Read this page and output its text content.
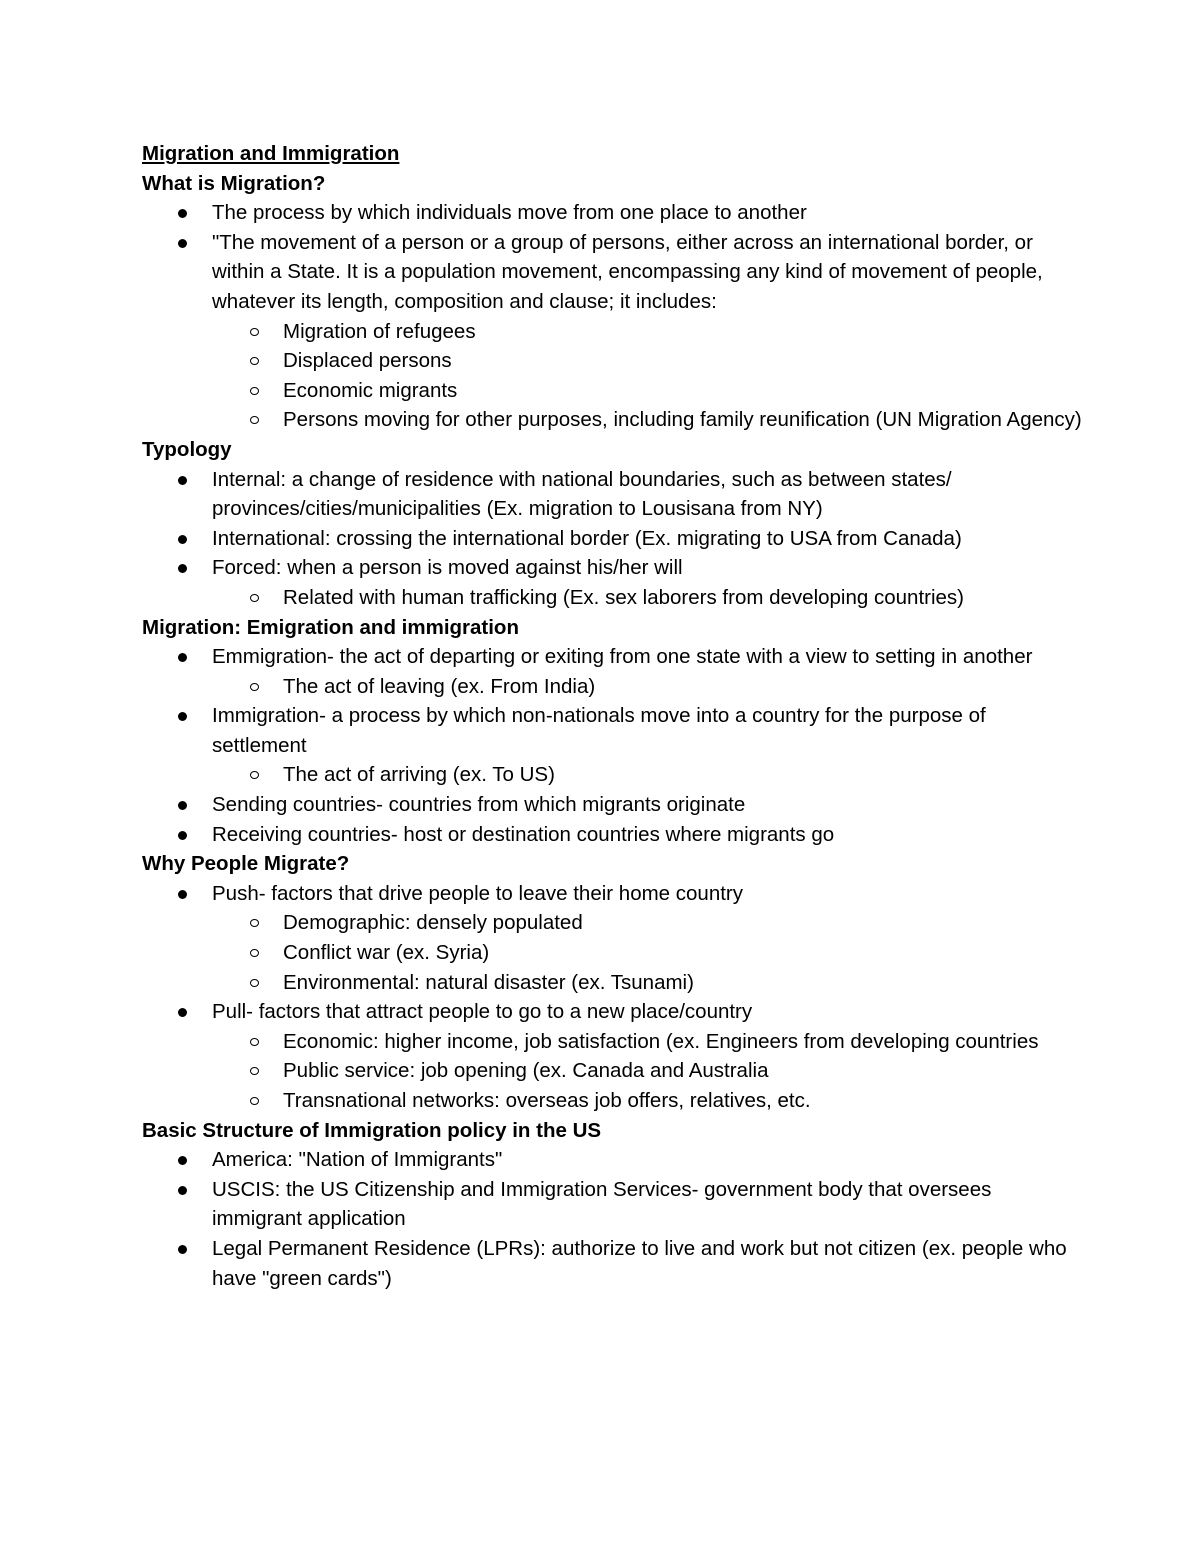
Migration and Immigration

What is Migration?

The process by which individuals move from one place to another
"The movement of a person or a group of persons, either across an international border, or within a State. It is a population movement, encompassing any kind of movement of people, whatever its length, composition and clause; it includes:
Migration of refugees
Displaced persons
Economic migrants
Persons moving for other purposes, including family reunification (UN Migration Agency)

Typology

Internal: a change of residence with national boundaries, such as between states/ provinces/cities/municipalities (Ex. migration to Lousisana from NY)
International: crossing the international border (Ex. migrating to USA from Canada)
Forced: when a person is moved against his/her will
Related with human trafficking (Ex. sex laborers from developing countries)

Migration: Emigration and immigration

Emmigration- the act of departing or exiting from one state with a view to setting in another
The act of leaving (ex. From India)
Immigration- a process by which non-nationals move into a country for the purpose of settlement
The act of arriving (ex. To US)
Sending countries- countries from which migrants originate
Receiving countries- host or destination countries where migrants go

Why People Migrate?

Push- factors that drive people to leave their home country
Demographic: densely populated
Conflict war (ex. Syria)
Environmental: natural disaster (ex. Tsunami)
Pull- factors that attract people to go to a new place/country
Economic: higher income, job satisfaction (ex. Engineers from developing countries
Public service: job opening (ex. Canada and Australia
Transnational networks: overseas job offers, relatives, etc.

Basic Structure of Immigration policy in the US

America: "Nation of Immigrants"
USCIS: the US Citizenship and Immigration Services- government body that oversees immigrant application
Legal Permanent Residence (LPRs): authorize to live and work but not citizen (ex. people who have "green cards")
